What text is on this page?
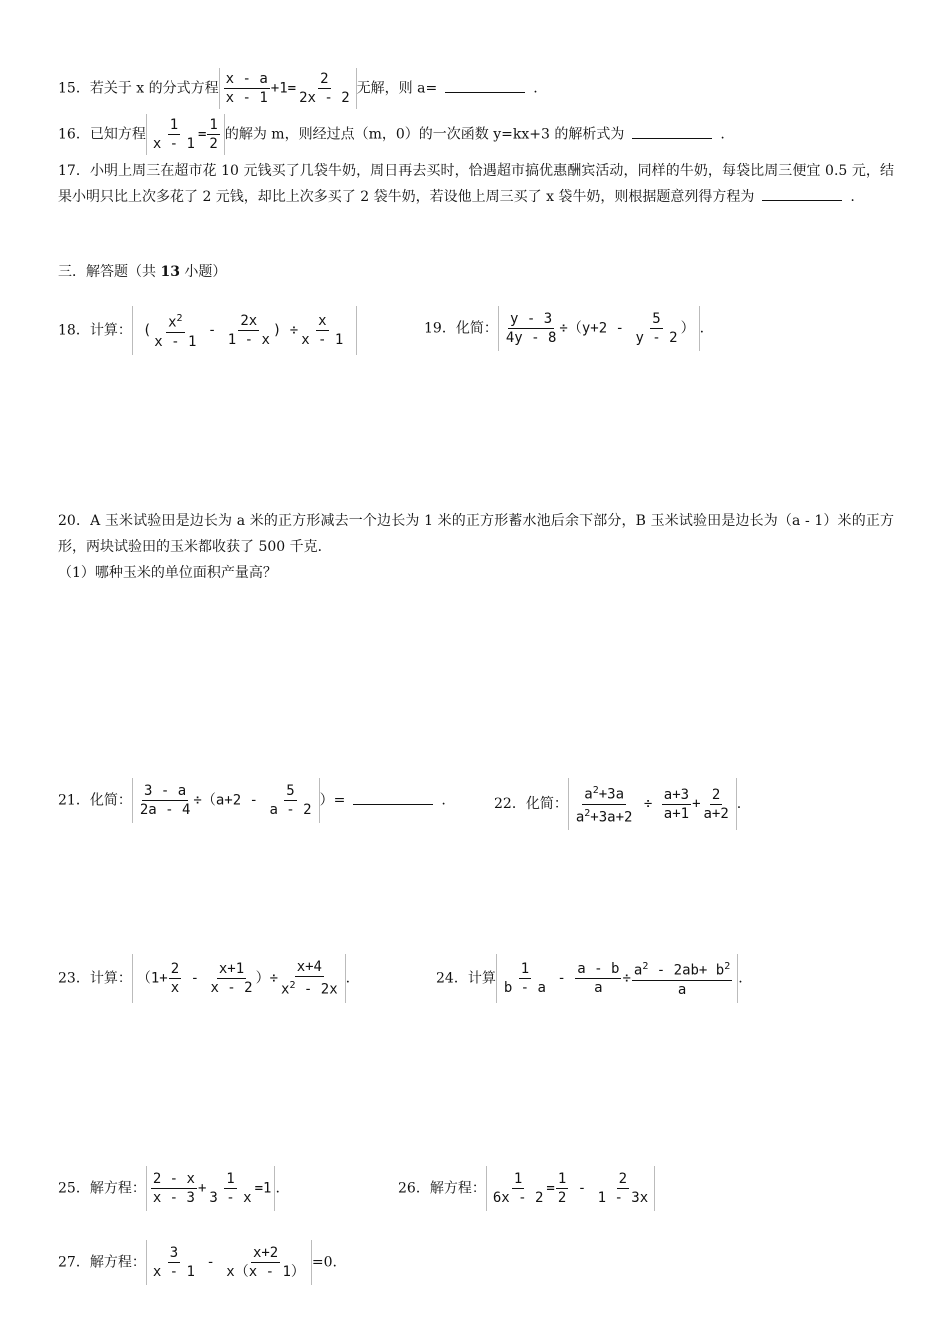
15．若关于 x 的分式方程 $\frac{x - a}{x - 1} +1= \frac{2}{2x - 2}$ 无解，则 a=	.
16．已知方程 $\frac{1}{x - 1} = \frac{1}{2}$ 的解为 m，则经过点（m，0）的一次函数 y=kx+3 的解析式为	.
17．小明上周三在超市花 10 元钱买了几袋牛奶，周日再去买时，恰遇超市搞优惠酬宾活动，同样的牛奶，每袋比周三便宜 0.5 元，结果小明只比上次多花了 2 元钱，却比上次多买了 2 袋牛奶，若设他上周三买了 x 袋牛奶，则根据题意列得方程为	.
三．解答题（共 13 小题）
18．计算： ( $\frac{x^2}{x - 1} - \frac{2x}{1 - x}$ ) ÷ $\frac{x}{x - 1}$	19．化简： $\frac{y - 3}{4y - 8} \div(y+2 - \frac{5}{y - 2}$ ） .
20．A 玉米试验田是边长为 a 米的正方形减去一个边长为 1 米的正方形蓄水池后余下部分，B 玉米试验田是边长为（a - 1）米的正方形，两块试验田的玉米都收获了 500 千克．
（1）哪种玉米的单位面积产量高？
21．化简： $\frac{3 - a}{2a - 4} \div(a+2 - \frac{5}{a - 2}$ ）=	.	22．化简： $\frac{a^2+3a}{a^2+3a+2} \div \frac{a+3}{a+1} + \frac{2}{a+2}$ .
23．计算： （$1+ \frac{2}{x} - \frac{x+1}{x - 2}$ ）÷ $\frac{x+4}{x^2 - 2x}$ .	24．计算 $\frac{1}{b - a} - \frac{a - b}{a} \div \frac{a^2 - 2ab+ b^2}{a}$ .
25．解方程： $\frac{2 - x}{x - 3} + \frac{1}{3 - x} =1$ .	26．解方程： $\frac{1}{6x - 2} = \frac{1}{2} - \frac{2}{1 - 3x}$
27．解方程： $\frac{3}{x - 1} - \frac{x+2}{x(x - 1)} =0$.
